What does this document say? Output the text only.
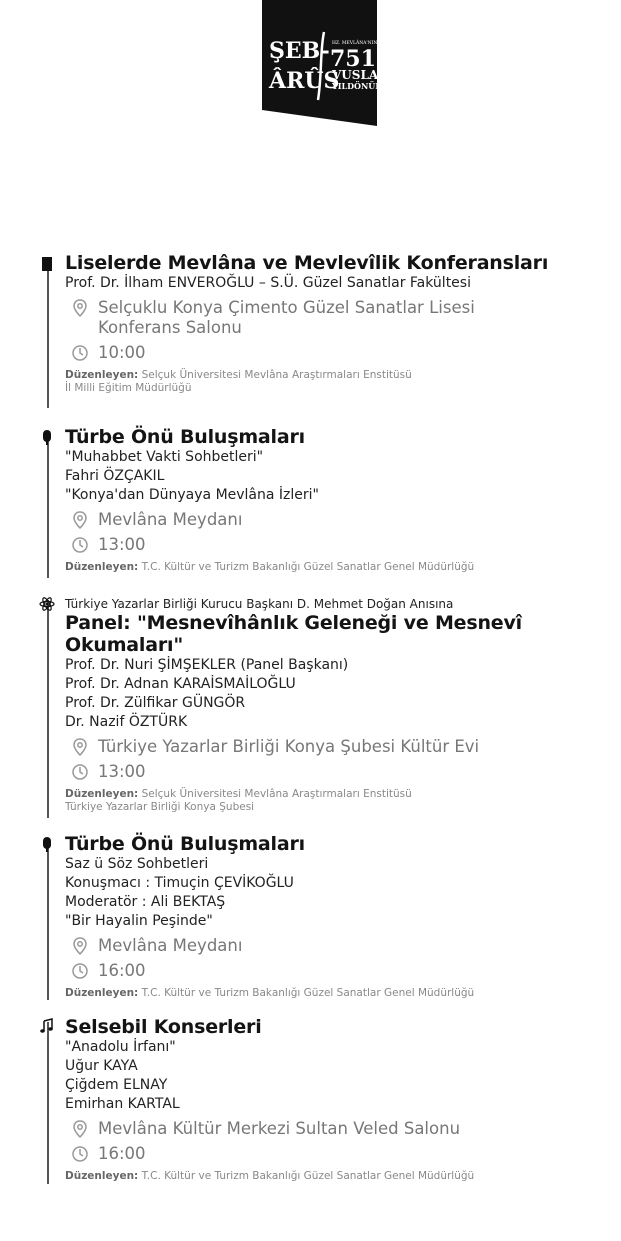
ŞEB-
ÂRÛS
HZ. MEVLÂNA'NIN
751.
VUSLAT
YILDÖNÜMÜ
Liselerde Mevlâna ve Mevlevîlik Konferansları
Prof. Dr. İlham ENVEROĞLU – S.Ü. Güzel Sanatlar Fakültesi
Selçuklu Konya Çimento Güzel Sanatlar Lisesi Konferans Salonu
10:00
Düzenleyen: Selçuk Üniversitesi Mevlâna Araştırmaları Enstitüsü
İl Milli Eğitim Müdürlüğü
Türbe Önü Buluşmaları
"Muhabbet Vakti Sohbetleri"
Fahri ÖZÇAKIL
"Konya'dan Dünyaya Mevlâna İzleri"
Mevlâna Meydanı
13:00
Düzenleyen: T.C. Kültür ve Turizm Bakanlığı Güzel Sanatlar Genel Müdürlüğü
Türkiye Yazarlar Birliği Kurucu Başkanı D. Mehmet Doğan Anısına
Panel: "Mesnevîhânlık Geleneği ve Mesnevî Okumaları"
Prof. Dr. Nuri ŞİMŞEKLER (Panel Başkanı)
Prof. Dr. Adnan KARAİSMAİLOĞLU
Prof. Dr. Zülfikar GÜNGÖR
Dr. Nazif ÖZTÜRK
Türkiye Yazarlar Birliği Konya Şubesi Kültür Evi
13:00
Düzenleyen: Selçuk Üniversitesi Mevlâna Araştırmaları Enstitüsü
Türkiye Yazarlar Birliği Konya Şubesi
Türbe Önü Buluşmaları
Saz ü Söz Sohbetleri
Konuşmacı : Timuçin ÇEVİKOĞLU
Moderatör : Ali BEKTAŞ
"Bir Hayalin Peşinde"
Mevlâna Meydanı
16:00
Düzenleyen: T.C. Kültür ve Turizm Bakanlığı Güzel Sanatlar Genel Müdürlüğü
Selsebil Konserleri
"Anadolu İrfanı"
Uğur KAYA
Çiğdem ELNAY
Emirhan KARTAL
Mevlâna Kültür Merkezi Sultan Veled Salonu
16:00
Düzenleyen: T.C. Kültür ve Turizm Bakanlığı Güzel Sanatlar Genel Müdürlüğü
